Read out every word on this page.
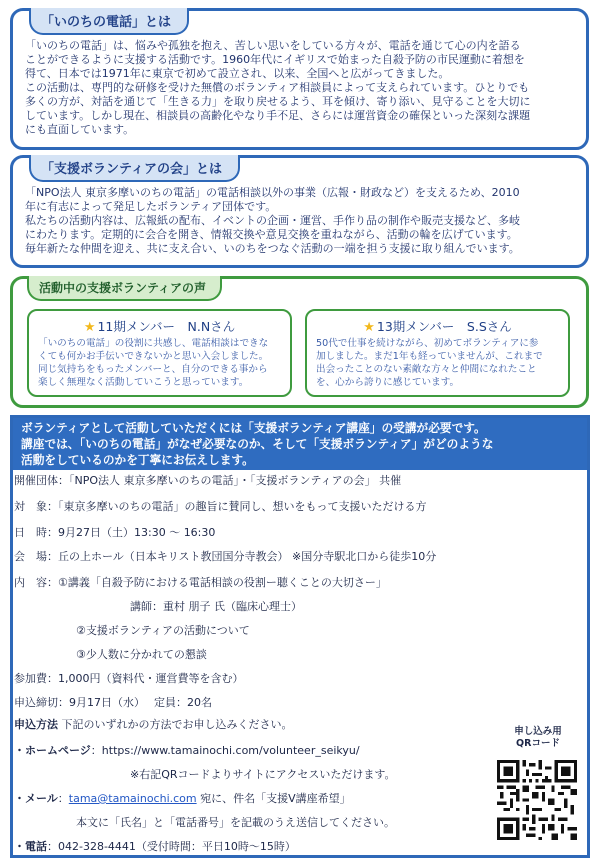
「いのちの電話」とは

「いのちの電話」は、悩みや孤独を抱え、苦しい思いをしている方々が、電話を通じて心の内を語る

ことができるように支援する活動です。1960年代にイギリスで始まった自殺予防の市民運動に着想を

得て、日本では1971年に東京で初めて設立され、以来、全国へと広がってきました。

この活動は、専門的な研修を受けた無償のボランティア相談員によって支えられています。ひとりでも

多くの方が、対話を通じて「生きる力」を取り戻せるよう、耳を傾け、寄り添い、見守ることを大切に

しています。しかし現在、相談員の高齢化やなり手不足、さらには運営資金の確保といった深刻な課題

にも直面しています。

「支援ボランティアの会」とは

「NPO法人 東京多摩いのちの電話」の電話相談以外の事業（広報・財政など）を支えるため、2010

年に有志によって発足したボランティア団体です。

私たちの活動内容は、広報紙の配布、イベントの企画・運営、手作り品の制作や販売支援など、多岐

にわたります。定期的に会合を開き、情報交換や意見交換を重ねながら、活動の輪を広げています。

毎年新たな仲間を迎え、共に支え合い、いのちをつなぐ活動の一端を担う支援に取り組んでいます。

活動中の支援ボランティアの声
★ 11期メンバー　N.Nさん
「いのちの電話」の役割に共感し、電話相談はできな
くても何かお手伝いできないかと思い入会しました。
同じ気持ちをもったメンバーと、自分のできる事から
楽しく無理なく活動していこうと思っています。
★ 13期メンバー　S.Sさん
50代で仕事を続けながら、初めてボランティアに参
加しました。まだ1年も経っていませんが、これまで
出会ったことのない素敵な方々と仲間になれたこと
を、心から誇りに感じています。
ボランティアとして活動していただくには「支援ボランティア講座」の受講が必要です。
講座では、「いのちの電話」がなぜ必要なのか、そして「支援ボランティア」がどのような
活動をしているのかを丁寧にお伝えします。
開催団体：「NPO法人 東京多摩いのちの電話」・「支援ボランティアの会」 共催
対　象：「東京多摩いのちの電話」の趣旨に賛同し、想いをもって支援いただける方
日　時：9月27日（土）13:30 ～ 16:30
会　場：丘の上ホール（日本キリスト教団国分寺教会） ※国分寺駅北口から徒歩10分
内　容：①講義「自殺予防における電話相談の役割ー聴くことの大切さー」
講師：重村 朋子 氏（臨床心理士）
②支援ボランティアの活動について
③少人数に分かれての懇談
参加費：1,000円（資料代・運営費等を含む）
申込締切：9月17日（水）　 定員：20名
申込方法 下記のいずれかの方法でお申し込みください。
・ホームページ：https://www.tamainochi.com/volunteer_seikyu/
※右記QRコードよりサイトにアクセスいただけます。
・メール：tama@tamainochi.com 宛に、件名「支援V講座希望」
本文に「氏名」と「電話番号」を記載のうえ送信してください。
・電話：042-328-4441（受付時間：平日10時～15時）
申し込み用
QRコード
